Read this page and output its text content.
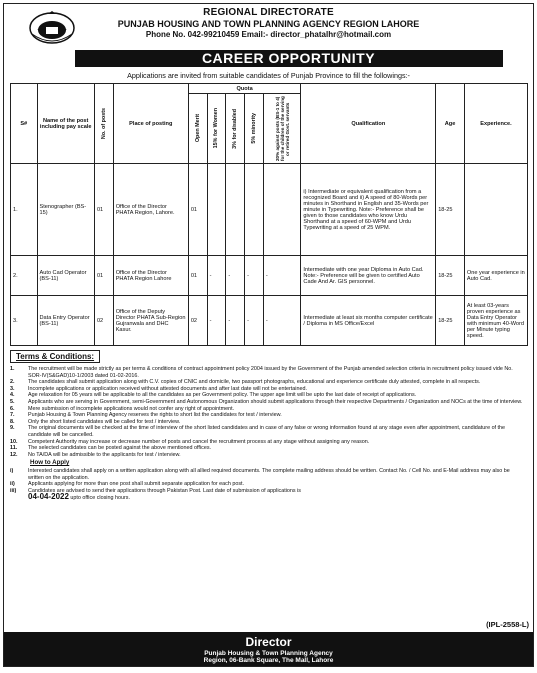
REGIONAL DIRECTORATE
PUNJAB HOUSING AND TOWN PLANNING AGENCY REGION LAHORE
Phone No. 042-99210459 Email:- director_phatalhr@hotmail.com
CAREER OPPORTUNITY
Applications are invited from suitable candidates of Punjab Province to fill the followings:-
S#	Name of the post including pay scale	No. of posts	Place of posting	Quota					Qualification	Age	Experience.

				Open Merit	15% for Women	3% for disabled	5% minority	20% against posts (BS-1 to 4) for the children of the serving or retired Govt. servants			

1.	Stenographer (BS-15)	01	Office of the Director PHATA Region, Lahore.	01					i) Intermediate or equivalent qualification from a recognized Board and ii) A speed of 80-Words per minutes in Shorthand in English and 35-Words per minute in Typewriting. Note:- Preference shall be given to those candidates who know Urdu Shorthand at a speed of 60-WPM and Urdu Typewriting at a speed of 25 WPM.	18-25	
2.	Auto Cad Operator (BS-11)	01	Office of the Director PHATA Region Lahore	01	-	-	-	-	Intermediate with one year Diploma in Auto Cad. Note:- Preference will be given to certified Auto Cade And Ar. GIS personnel.	18-25	One year experience in Auto Cad.
3.	Data Entry Operator (BS-11)	02	Office of the Deputy Director PHATA Sub-Region Gujranwala and DHC Kasur.	02	-	-	-	-	Intermediate at least six months computer certificate / Diploma in MS Office/Excel	18-25	At least 03-years proven experience as Data Entry Operator with minimum 40-Word per Minute typing speed.
Terms & Conditions:
1.	The recruitment will be made strictly as per terms & conditions of contract appointment policy 2004 issued by the Government of the Punjab amended selection criteria in recruitment policy issued vide No. SOR-IV(S&GAD)10-1/2003 dated 01-02-2016.
2.	The candidates shall submit application along with C.V. copies of CNIC and domicile, two passport photographs, educational and experience certificate duly attested, complete in all respects.
3.	Incomplete applications or application received without attested documents and after last date will not be entertained.
4.	Age relaxation for 05 years will be applicable to all the candidates as per Government policy. The upper age limit will be upto the last date of receipt of applications.
5.	Applicants who are serving in Government, semi-Government and Autonomous Organization should submit applications through their respective Departments / Organization and NOCs at the time of interview.
6.	Mere submission of incomplete applications would not confer any right of appointment.
7.	Punjab Housing & Town Planning Agency reserves the rights to short list the candidates for test / interview.
8.	Only the short listed candidates will be called for test / interview.
9.	The original documents will be checked at the time of interview of the short listed candidates and in case of any false or wrong information found at any stage even after appointment, candidature of the candidate will be cancelled.
10.	Competent Authority may increase or decrease number of posts and cancel the recruitment process at any stage without assigning any reason.
11.	The selected candidates can be posted against the above mentioned offices.
12.	No TA/DA will be admissible to the applicants for test / interview.
How to Apply
i)	Interested candidates shall apply on a written application along with all allied required documents. The complete mailing address should be written. Contact No. / Cell No. and E-Mail address may also be written on the application.
ii)	Applicants applying for more than one post shall submit separate application for each post.
iii)	Candidates are advised to send their applications through Pakistan Post. Last date of submission of applications is
04-04-2022 upto office closing hours.
(IPL-2558-L)
Director
Punjab Housing & Town Planning Agency
Region, 06-Bank Square, The Mall, Lahore
